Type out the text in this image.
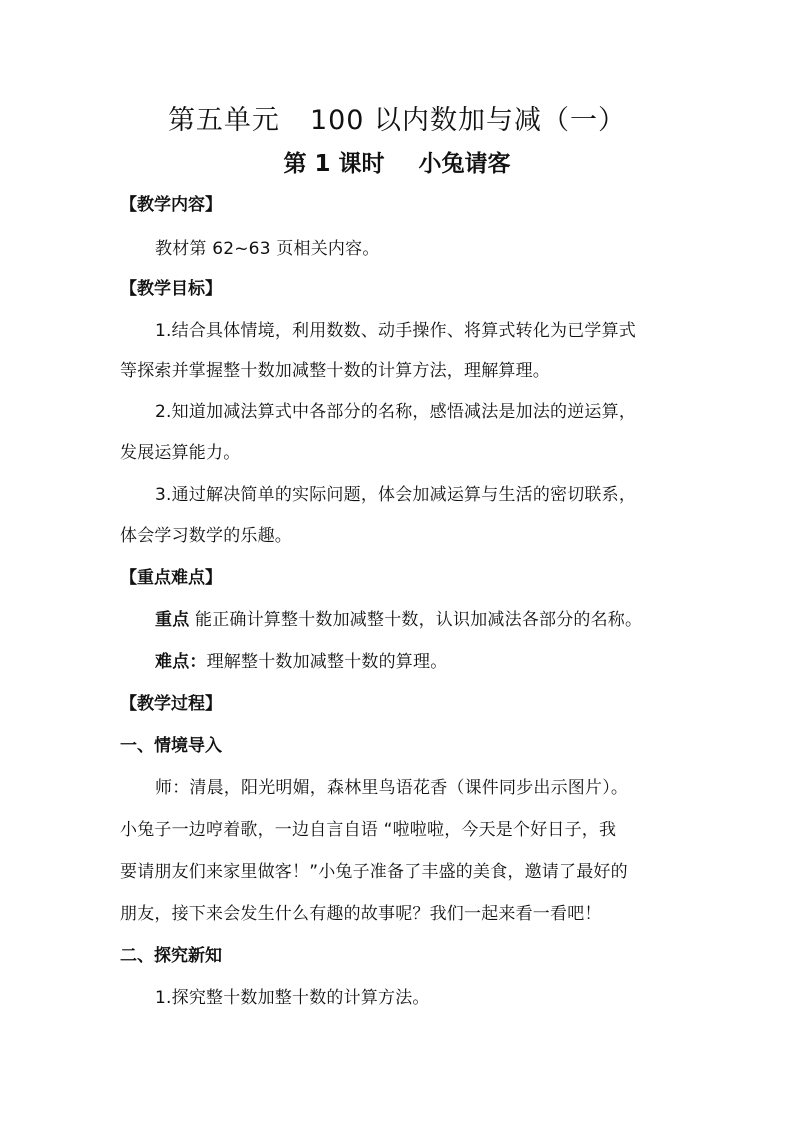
第五单元 100 以内数加与减（一）
第 1 课时 小兔请客
【教学内容】
教材第 62~63 页相关内容。
【教学目标】
1.结合具体情境，利用数数、动手操作、将算式转化为已学算式
等探索并掌握整十数加减整十数的计算方法，理解算理。
2.知道加减法算式中各部分的名称，感悟减法是加法的逆运算，
发展运算能力。
3.通过解决简单的实际问题，体会加减运算与生活的密切联系，
体会学习数学的乐趣。
【重点难点】
重点 能正确计算整十数加减整十数，认识加减法各部分的名称。
难点：理解整十数加减整十数的算理。
【教学过程】
一、情境导入
师：清晨，阳光明媚，森林里鸟语花香（课件同步出示图片）。
小兔子一边哼着歌，一边自言自语 “啦啦啦，今天是个好日子，我
要请朋友们来家里做客！”小兔子准备了丰盛的美食，邀请了最好的
朋友，接下来会发生什么有趣的故事呢？我们一起来看一看吧！
二、探究新知
1.探究整十数加整十数的计算方法。
